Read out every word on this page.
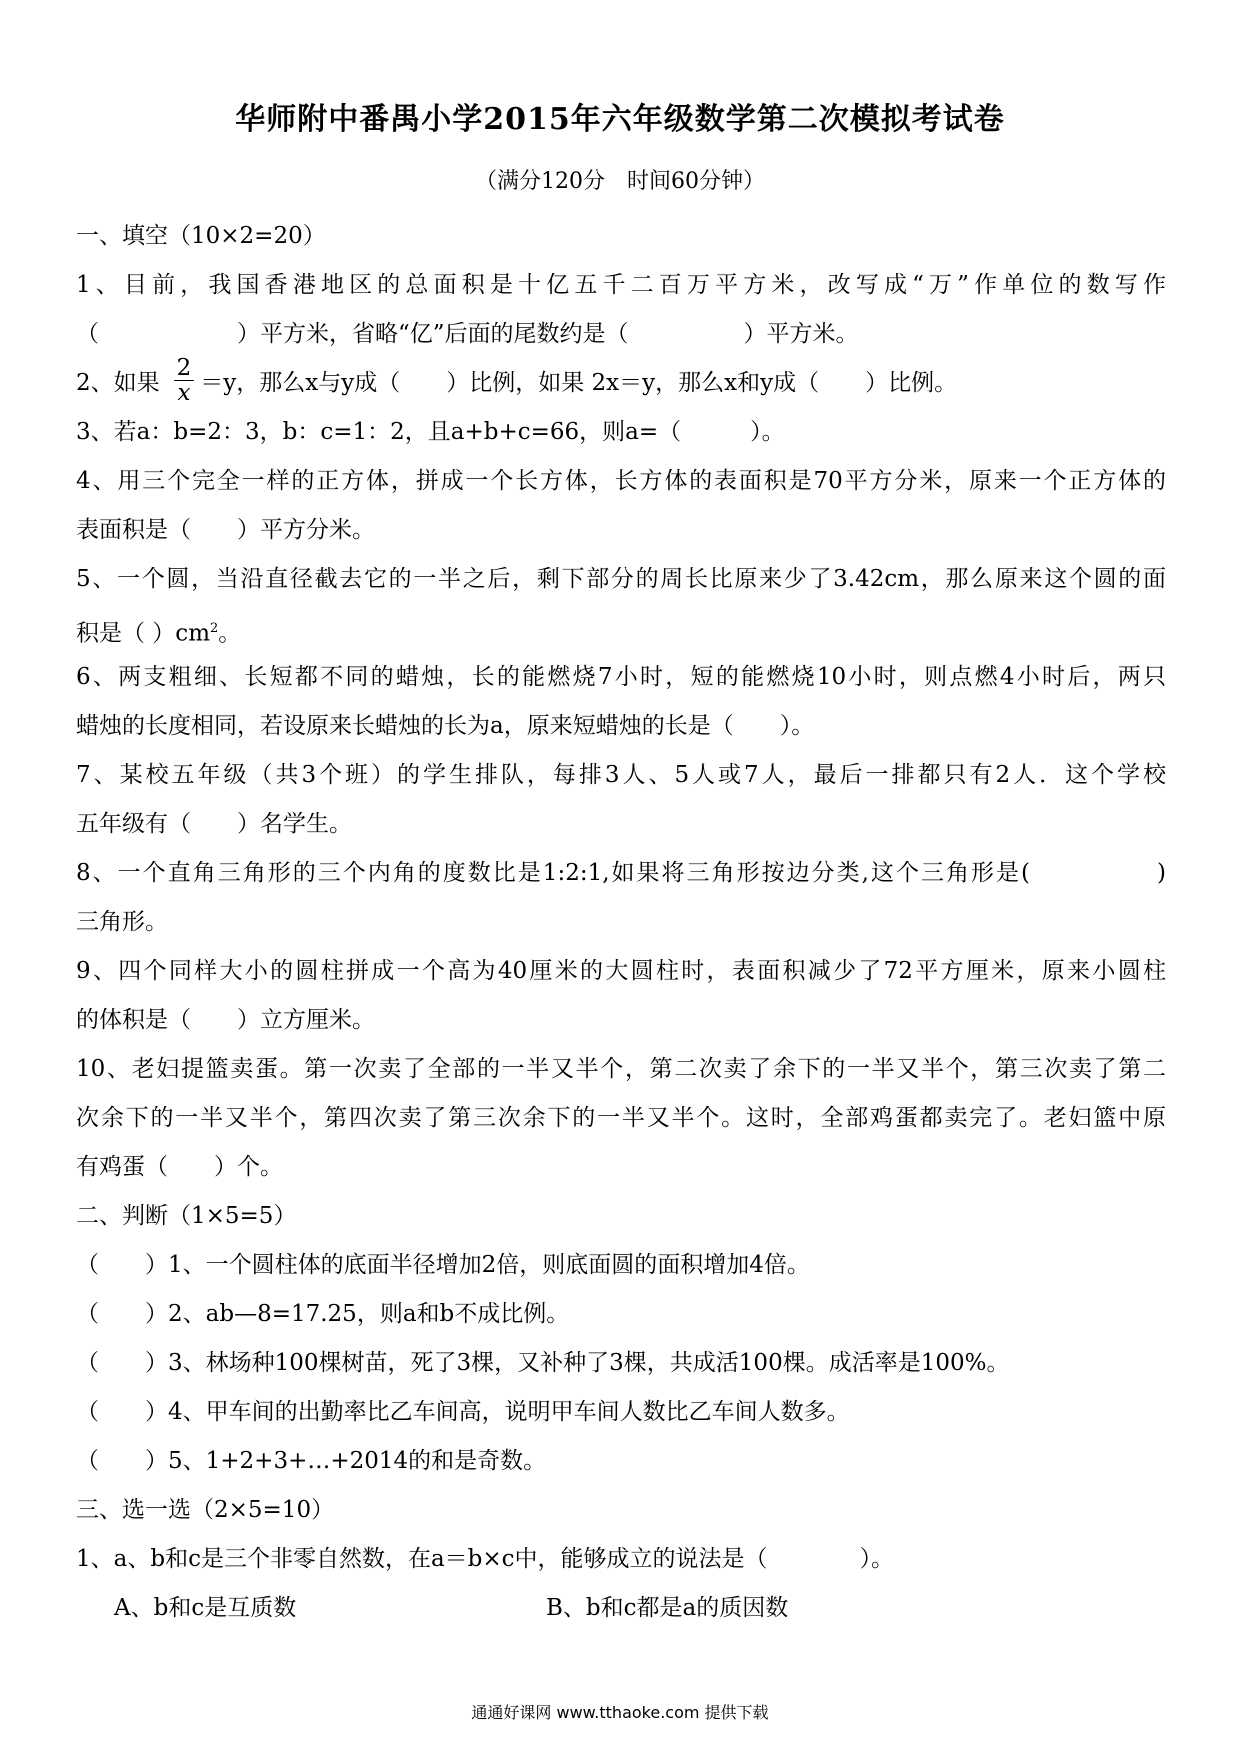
华师附中番禺小学2015年六年级数学第二次模拟考试卷
（满分120分　时间60分钟）
一、填空（10×2=20）
1、目前，我国香港地区的总面积是十亿五千二百万平方米，改写成“万”作单位的数写作
（　　　　　　）平方米，省略“亿”后面的尾数约是（　　　　　）平方米。
2、如果 $\frac{2}{x} =y$，那么x与y成（　　）比例，如果 2x＝y，那么x和y成（　　）比例。
3、若a：b=2：3，b：c=1：2，且a+b+c=66，则a=（　　　）。
4、用三个完全一样的正方体，拼成一个长方体，长方体的表面积是70平方分米，原来一个正方体的
表面积是（　　）平方分米。
5、一个圆，当沿直径截去它的一半之后，剩下部分的周长比原来少了3.42cm，那么原来这个圆的面
积是（ ）$cm^2$。
6、两支粗细、长短都不同的蜡烛，长的能燃烧7小时，短的能燃烧10小时，则点燃4小时后，两只
蜡烛的长度相同，若设原来长蜡烛的长为a，原来短蜡烛的长是（　　）。
7、某校五年级（共3个班）的学生排队，每排3人、5人或7人，最后一排都只有2人．这个学校
五年级有（　　）名学生。
8、一个直角三角形的三个内角的度数比是1:2:1,如果将三角形按边分类,这个三角形是(　　　　　)
三角形。
9、四个同样大小的圆柱拼成一个高为40厘米的大圆柱时，表面积减少了72平方厘米，原来小圆柱
的体积是（　　）立方厘米。
10、老妇提篮卖蛋。第一次卖了全部的一半又半个，第二次卖了余下的一半又半个，第三次卖了第二
次余下的一半又半个，第四次卖了第三次余下的一半又半个。这时，全部鸡蛋都卖完了。老妇篮中原
有鸡蛋（　　）个。
二、判断（1×5=5）
（　　）1、一个圆柱体的底面半径增加2倍，则底面圆的面积增加4倍。
（　　）2、ab—8=17.25，则a和b不成比例。
（　　）3、林场种100棵树苗，死了3棵，又补种了3棵，共成活100棵。成活率是100%。
（　　）4、甲车间的出勤率比乙车间高，说明甲车间人数比乙车间人数多。
（　　）5、1+2+3+…+2014的和是奇数。
三、选一选（2×5=10）
1、a、b和c是三个非零自然数，在a＝b×c中，能够成立的说法是（　　　　）。
A、b和c是互质数	B、b和c都是a的质因数
通通好课网 www.tthaoke.com 提供下载
